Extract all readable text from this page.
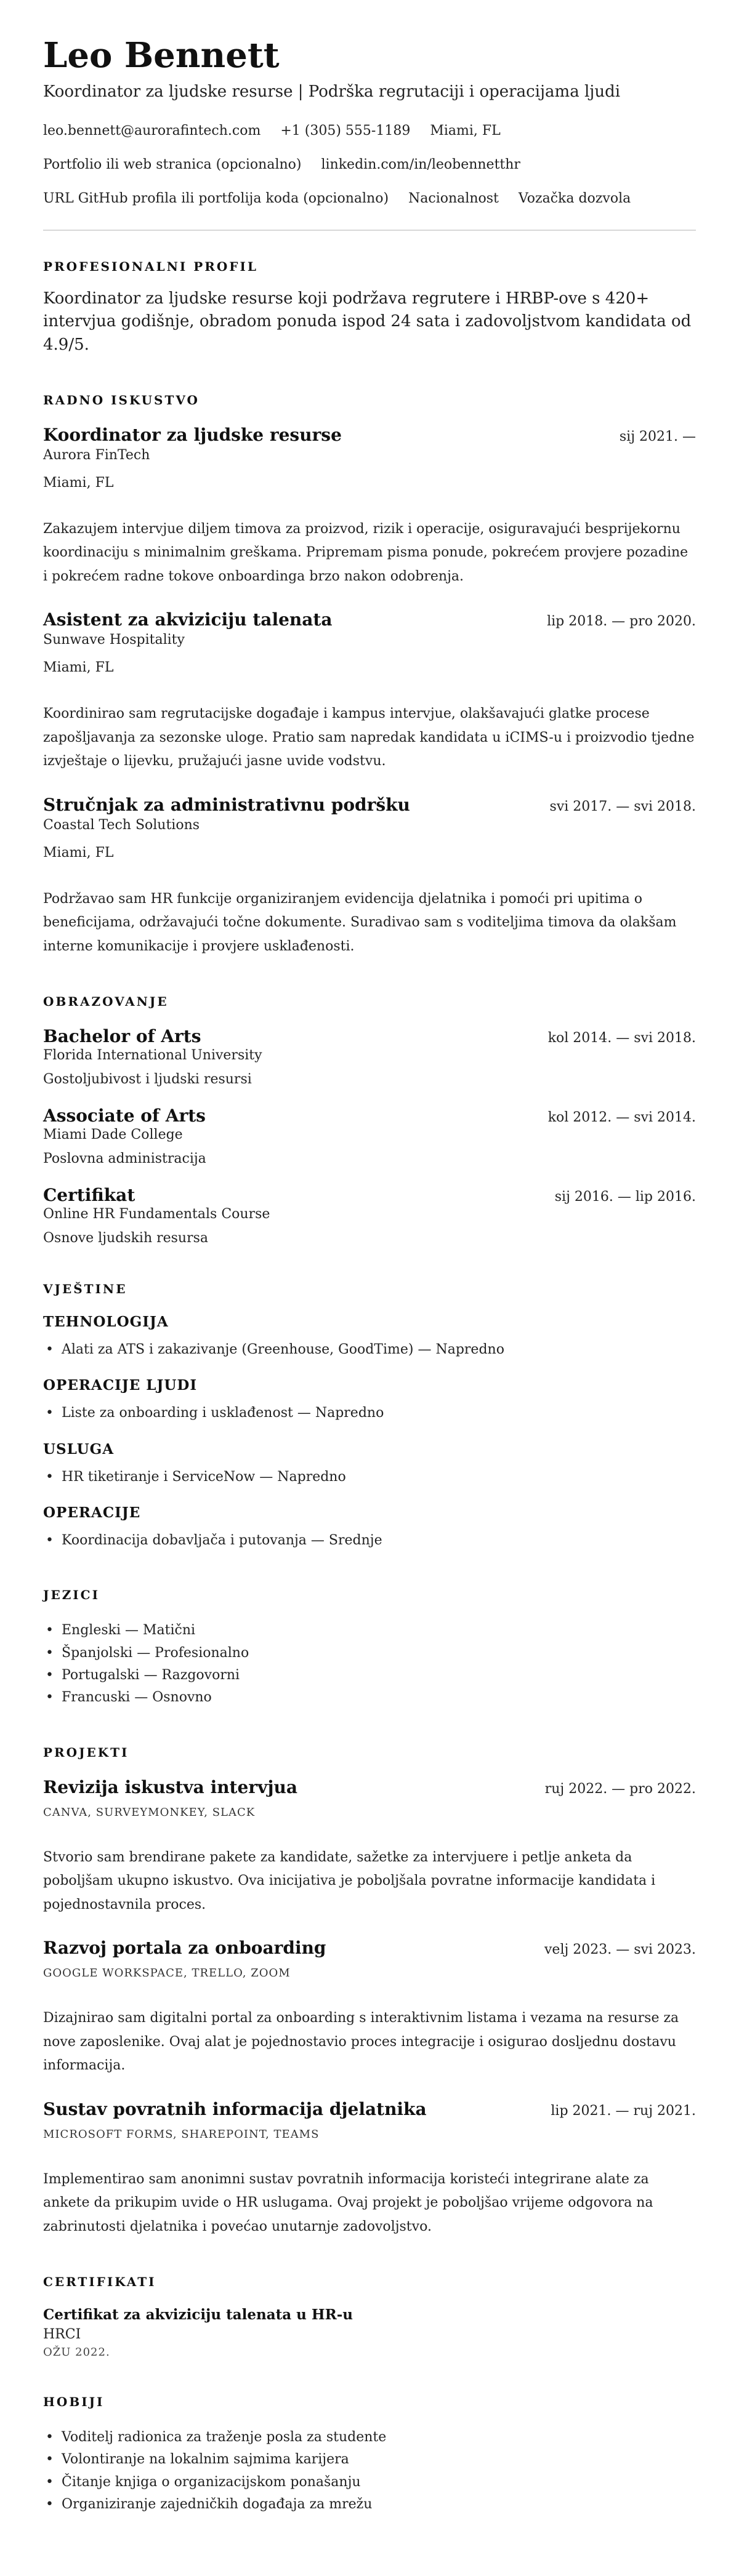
Leo Bennett
Koordinator za ljudske resurse | Podrška regrutaciji i operacijama ljudi
leo.bennett@aurorafintech.com +1 (305) 555-1189 Miami, FL
Portfolio ili web stranica (opcionalno) linkedin.com/in/leobennetthr
URL GitHub profila ili portfolija koda (opcionalno) Nacionalnost Vozačka dozvola
PROFESIONALNI PROFIL

Koordinator za ljudske resurse koji podržava regrutere i HRBP-ove s 420+ intervjua godišnje, obradom ponuda ispod 24 sata i zadovoljstvom kandidata od 4.9/5.

RADNO ISKUSTVO
Koordinator za ljudske resurse	sij 2021. —
Aurora FinTech
Miami, FL

Zakazujem intervjue diljem timova za proizvod, rizik i operacije, osiguravajući besprijekornu koordinaciju s minimalnim greškama. Pripremam pisma ponude, pokrećem provjere pozadine i pokrećem radne tokove onboardinga brzo nakon odobrenja.

Asistent za akviziciju talenata	lip 2018. — pro 2020.
Sunwave Hospitality
Miami, FL

Koordinirao sam regrutacijske događaje i kampus intervjue, olakšavajući glatke procese zapošljavanja za sezonske uloge. Pratio sam napredak kandidata u iCIMS-u i proizvodio tjedne izvještaje o lijevku, pružajući jasne uvide vodstvu.

Stručnjak za administrativnu podršku	svi 2017. — svi 2018.
Coastal Tech Solutions
Miami, FL

Podržavao sam HR funkcije organiziranjem evidencija djelatnika i pomoći pri upitima o beneficijama, održavajući točne dokumente. Suradivao sam s voditeljima timova da olakšam interne komunikacije i provjere usklađenosti.

OBRAZOVANJE
Bachelor of Arts	kol 2014. — svi 2018.
Florida International University
Gostoljubivost i ljudski resursi
Associate of Arts	kol 2012. — svi 2014.
Miami Dade College
Poslovna administracija
Certifikat	sij 2016. — lip 2016.
Online HR Fundamentals Course
Osnove ljudskih resursa
VJEŠTINE
TEHNOLOGIJA
• Alati za ATS i zakazivanje (Greenhouse, GoodTime) — Napredno
OPERACIJE LJUDI
• Liste za onboarding i usklađenost — Napredno
USLUGA
• HR tiketiranje i ServiceNow — Napredno
OPERACIJE
• Koordinacija dobavljača i putovanja — Srednje
JEZICI
• Engleski — Matični
• Španjolski — Profesionalno
• Portugalski — Razgovorni
• Francuski — Osnovno
PROJEKTI
Revizija iskustva intervjua	ruj 2022. — pro 2022.
CANVA, SURVEYMONKEY, SLACK

Stvorio sam brendirane pakete za kandidate, sažetke za intervjuere i petlje anketa da poboljšam ukupno iskustvo. Ova inicijativa je poboljšala povratne informacije kandidata i pojednostavnila proces.

Razvoj portala za onboarding	velj 2023. — svi 2023.
GOOGLE WORKSPACE, TRELLO, ZOOM

Dizajnirao sam digitalni portal za onboarding s interaktivnim listama i vezama na resurse za nove zaposlenike. Ovaj alat je pojednostavio proces integracije i osigurao dosljednu dostavu informacija.

Sustav povratnih informacija djelatnika	lip 2021. — ruj 2021.
MICROSOFT FORMS, SHAREPOINT, TEAMS

Implementirao sam anonimni sustav povratnih informacija koristeći integrirane alate za ankete da prikupim uvide o HR uslugama. Ovaj projekt je poboljšao vrijeme odgovora na zabrinutosti djelatnika i povećao unutarnje zadovoljstvo.

CERTIFIKATI
Certifikat za akviziciju talenata u HR-u
HRCI
OŽU 2022.
HOBIJI
• Voditelj radionica za traženje posla za studente
• Volontiranje na lokalnim sajmima karijera
• Čitanje knjiga o organizacijskom ponašanju
• Organiziranje zajedničkih događaja za mrežu
